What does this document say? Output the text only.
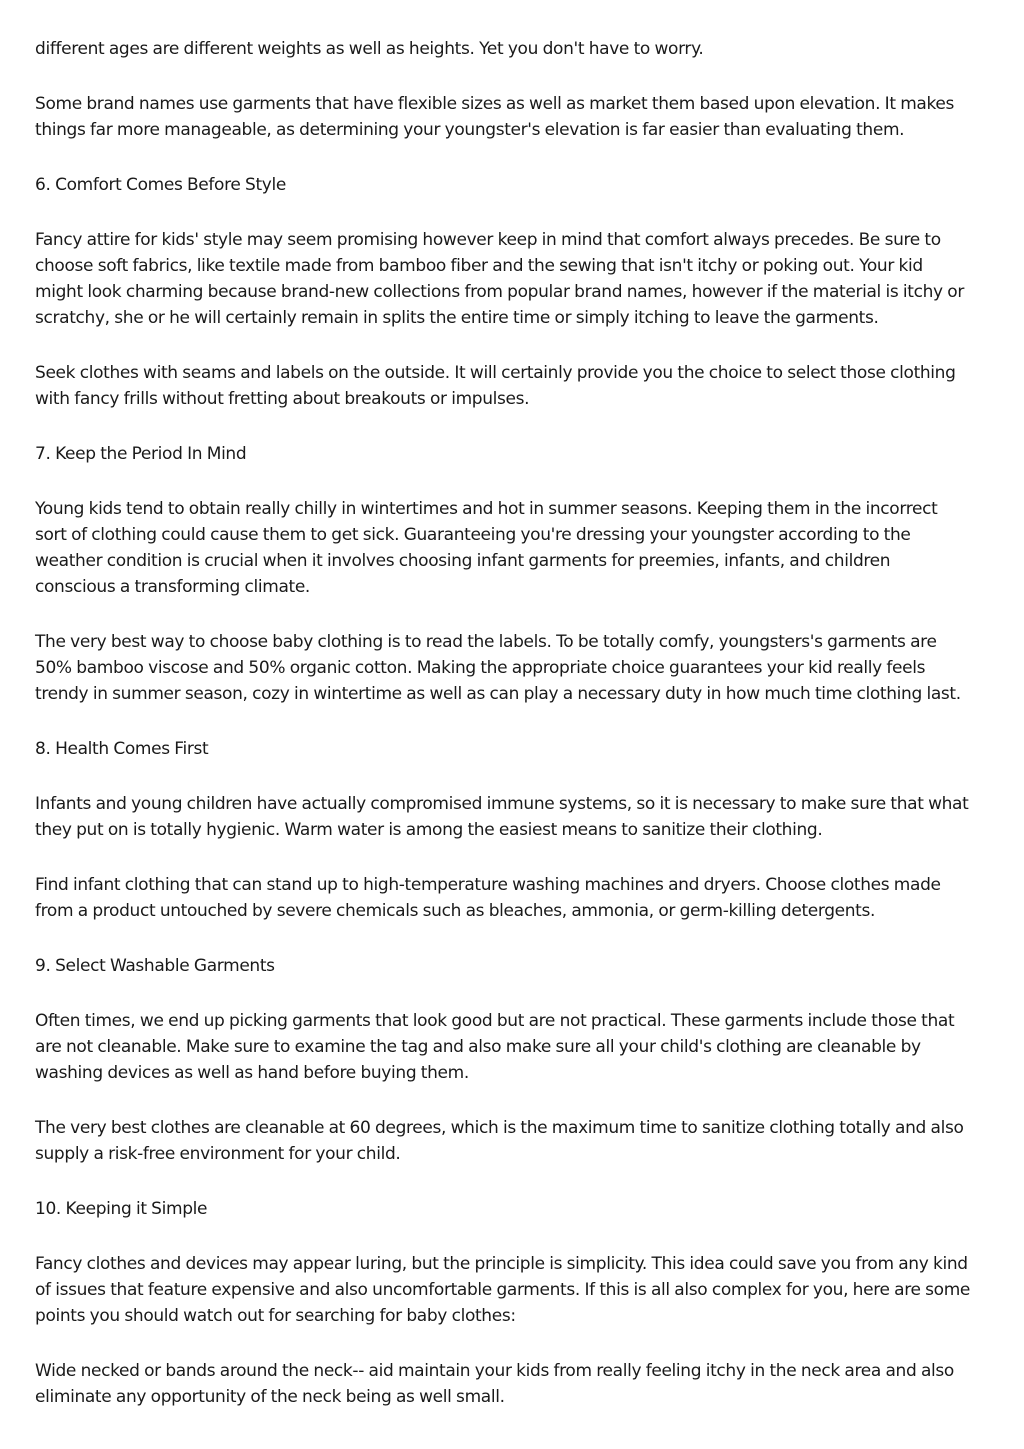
different ages are different weights as well as heights. Yet you don't have to worry.

Some brand names use garments that have flexible sizes as well as market them based upon elevation. It makes
things far more manageable, as determining your youngster's elevation is far easier than evaluating them.

6. Comfort Comes Before Style

Fancy attire for kids' style may seem promising however keep in mind that comfort always precedes. Be sure to
choose soft fabrics, like textile made from bamboo fiber and the sewing that isn't itchy or poking out. Your kid
might look charming because brand-new collections from popular brand names, however if the material is itchy or
scratchy, she or he will certainly remain in splits the entire time or simply itching to leave the garments.

Seek clothes with seams and labels on the outside. It will certainly provide you the choice to select those clothing
with fancy frills without fretting about breakouts or impulses.

7. Keep the Period In Mind

Young kids tend to obtain really chilly in wintertimes and hot in summer seasons. Keeping them in the incorrect
sort of clothing could cause them to get sick. Guaranteeing you're dressing your youngster according to the
weather condition is crucial when it involves choosing infant garments for preemies, infants, and children
conscious a transforming climate.

The very best way to choose baby clothing is to read the labels. To be totally comfy, youngsters's garments are
50% bamboo viscose and 50% organic cotton. Making the appropriate choice guarantees your kid really feels
trendy in summer season, cozy in wintertime as well as can play a necessary duty in how much time clothing last.

8. Health Comes First

Infants and young children have actually compromised immune systems, so it is necessary to make sure that what
they put on is totally hygienic. Warm water is among the easiest means to sanitize their clothing.

Find infant clothing that can stand up to high-temperature washing machines and dryers. Choose clothes made
from a product untouched by severe chemicals such as bleaches, ammonia, or germ-killing detergents.

9. Select Washable Garments

Often times, we end up picking garments that look good but are not practical. These garments include those that
are not cleanable. Make sure to examine the tag and also make sure all your child's clothing are cleanable by
washing devices as well as hand before buying them.

The very best clothes are cleanable at 60 degrees, which is the maximum time to sanitize clothing totally and also
supply a risk-free environment for your child.

10. Keeping it Simple

Fancy clothes and devices may appear luring, but the principle is simplicity. This idea could save you from any kind
of issues that feature expensive and also uncomfortable garments. If this is all also complex for you, here are some
points you should watch out for searching for baby clothes:

Wide necked or bands around the neck-- aid maintain your kids from really feeling itchy in the neck area and also
eliminate any opportunity of the neck being as well small.
